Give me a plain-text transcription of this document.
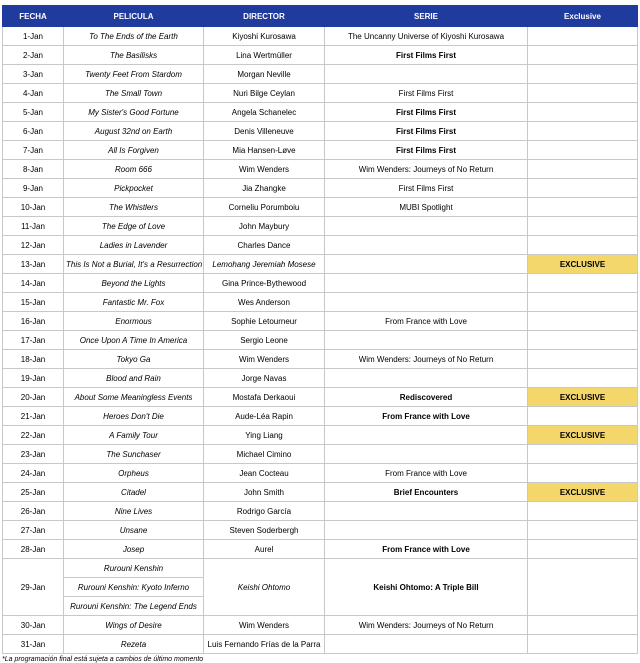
FECHA	PELICULA	DIRECTOR	SERIE	Exclusive
1-Jan	To The Ends of the Earth	Kiyoshi Kurosawa	The Uncanny Universe of Kiyoshi Kurosawa	
2-Jan	The Basilisks	Lina Wertmüller	First Films First	
3-Jan	Twenty Feet From Stardom	Morgan Neville		
4-Jan	The Small Town	Nuri Bilge Ceylan	First Films First	
5-Jan	My Sister's Good Fortune	Angela Schanelec	First Films First	
6-Jan	August 32nd on Earth	Denis Villeneuve	First Films First	
7-Jan	All Is Forgiven	Mia Hansen-Løve	First Films First	
8-Jan	Room 666	Wim Wenders	Wim Wenders: Journeys of No Return	
9-Jan	Pickpocket	Jia Zhangke	First Films First	
10-Jan	The Whistlers	Corneliu Porumboiu	MUBI Spotlight	
11-Jan	The Edge of Love	John Maybury		
12-Jan	Ladies in Lavender	Charles Dance		
13-Jan	This Is Not a Burial, It's a Resurrection	Lemohang Jeremiah Mosese		EXCLUSIVE
14-Jan	Beyond the Lights	Gina Prince-Bythewood		
15-Jan	Fantastic Mr. Fox	Wes Anderson		
16-Jan	Enormous	Sophie Letourneur	From France with Love	
17-Jan	Once Upon A Time In America	Sergio Leone		
18-Jan	Tokyo Ga	Wim Wenders	Wim Wenders: Journeys of No Return	
19-Jan	Blood and Rain	Jorge Navas		
20-Jan	About Some Meaningless Events	Mostafa Derkaoui	Rediscovered	EXCLUSIVE
21-Jan	Heroes Don't Die	Aude-Léa Rapin	From France with Love	
22-Jan	A Family Tour	Ying Liang		EXCLUSIVE
23-Jan	The Sunchaser	Michael Cimino		
24-Jan	Orpheus	Jean Cocteau	From France with Love	
25-Jan	Citadel	John Smith	Brief Encounters	EXCLUSIVE
26-Jan	Nine Lives	Rodrigo García		
27-Jan	Unsane	Steven Soderbergh		
28-Jan	Josep	Aurel	From France with Love	
29-Jan	Rurouni Kenshin	Keishi Ohtomo	Keishi Ohtomo: A Triple Bill	
	Rurouni Kenshin: Kyoto Inferno			
	Rurouni Kenshin: The Legend Ends			
30-Jan	Wings of Desire	Wim Wenders	Wim Wenders: Journeys of No Return	
31-Jan	Rezeta	Luis Fernando Frías de la Parra		
*La programación final está sujeta a cambios de último momento
